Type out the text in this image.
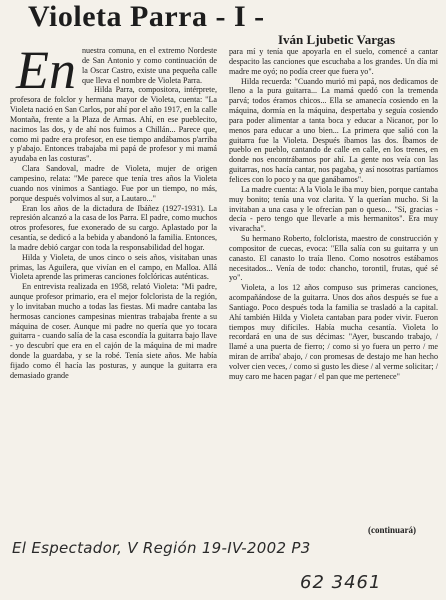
Violeta Parra - I -
Iván Ljubetic Vargas
En nuestra comuna, en el extremo Nordeste de San Antonio y como continuación de la Oscar Castro, existe una pequeña calle que lleva el nombre de Violeta Parra.

Hilda Parra, compositora, intérprete, profesora de folclor y hermana mayor de Violeta, cuenta: "La Violeta nació en San Carlos, por ahí por el año 1917, en la calle Montaña, frente a la Plaza de Armas. Ahí, en ese pueblecito, nacimos las dos, y de ahí nos fuimos a Chillán... Parece que, como mi padre era profesor, en ese tiempo andábamos p'arriba y p'abajo. Entonces trabajaba mi papá de profesor y mi mamá ayudaba en las costuras".

Clara Sandoval, madre de Violeta, mujer de origen campesino, relata: "Me parece que tenía tres años la Violeta cuando nos vinimos a Santiago. Fue por un tiempo, no más, porque después volvimos al sur, a Lautaro..."

Eran los años de la dictadura de Ibáñez (1927-1931). La represión alcanzó a la casa de los Parra. El padre, como muchos otros profesores, fue exonerado de su cargo. Aplastado por la cesantía, se dedicó a la bebida y abandonó la familia. Entonces, la madre debió cargar con toda la responsabilidad del hogar.

Hilda y Violeta, de unos cinco o seis años, visitaban unas primas, las Aguilera, que vivían en el campo, en Malloa. Allá Violeta aprende las primeras canciones folclóricas auténticas.

En entrevista realizada en 1958, relató Violeta: "Mi padre, aunque profesor primario, era el mejor folclorista de la región, y lo invitaban mucho a todas las fiestas. Mi madre cantaba las hermosas canciones campesinas mientras trabajaba frente a su máquina de coser. Aunque mi padre no quería que yo tocara guitarra - cuando salía de la casa escondía la guitarra bajo llave - yo descubrí que era en el cajón de la máquina de mi madre donde la guardaba, y se la robé. Tenía siete años. Me había fijado como él hacía las posturas, y aunque la guitarra era demasiado grande

para mí y tenía que apoyarla en el suelo, comencé a cantar despacito las canciones que escuchaba a los grandes. Un día mi madre me oyó; no podía creer que fuera yo".

Hilda recuerda: "Cuando murió mi papá, nos dedicamos de lleno a la pura guitarra... La mamá quedó con la tremenda parvá; todos éramos chicos... Ella se amanecía cosiendo en la máquina, dormía en la máquina, despertaba y seguía cosiendo para poder alimentar a tanta boca y educar a Nicanor, por lo menos para educar a uno bien... La primera que salió con la guitarra fue la Violeta. Después íbamos las dos. Íbamos de pueblo en pueblo, cantando de calle en calle, en los trenes, en donde nos encontrábamos por ahí. La gente nos veía con las guitarras, nos hacía cantar, nos pagaba, y así nosotras partíamos felices con lo poco y na que ganábamos".

La madre cuenta: A la Viola le iba muy bien, porque cantaba muy bonito; tenía una voz clarita. Y la querían mucho. Si la invitaban a una casa y le ofrecían pan o queso... "Sí, gracias - decía - pero tengo que llevarle a mis hermanitos". Era muy vivaracha".

Su hermano Roberto, folclorista, maestro de construcción y compositor de cuecas, evoca: "Ella salía con su guitarra y un canasto. El canasto lo traía lleno. Como nosotros estábamos necesitados... Venía de todo: chancho, torontil, frutas, qué sé yo".

Violeta, a los 12 años compuso sus primeras canciones, acompañándose de la guitarra. Unos dos años después se fue a Santiago. Poco después toda la familia se trasladó a la capital. Ahí también Hilda y Violeta cantaban para poder vivir. Fueron tiempos muy difíciles. Había mucha cesantía. Violeta lo recordará en una de sus décimas: "Ayer, buscando trabajo, / llamé a una puerta de fierro; / como si yo fuera un perro / me miran de arriba' abajo, / con promesas de destajo me han hecho volver cien veces, / como si gusto les diese / al verme solicitar; / muy caro me hacen pagar / el pan que me pertenece"

(continuará)
El Espectador, V Región 19-IV-2002 P3
62 3461
